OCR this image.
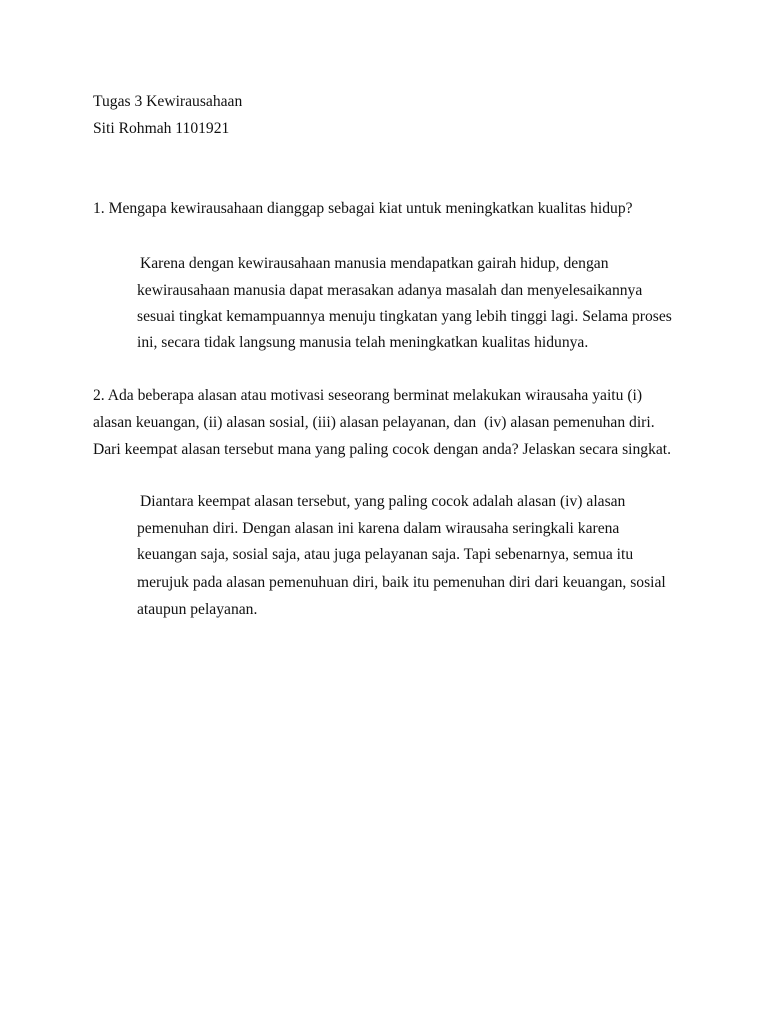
Tugas 3 Kewirausahaan
Siti Rohmah 1101921
1. Mengapa kewirausahaan dianggap sebagai kiat untuk meningkatkan kualitas hidup?
Karena dengan kewirausahaan manusia mendapatkan gairah hidup, dengan
kewirausahaan manusia dapat merasakan adanya masalah dan menyelesaikannya
sesuai tingkat kemampuannya menuju tingkatan yang lebih tinggi lagi. Selama proses
ini, secara tidak langsung manusia telah meningkatkan kualitas hidunya.
2. Ada beberapa alasan atau motivasi seseorang berminat melakukan wirausaha yaitu (i)
alasan keuangan, (ii) alasan sosial, (iii) alasan pelayanan, dan  (iv) alasan pemenuhan diri.
Dari keempat alasan tersebut mana yang paling cocok dengan anda? Jelaskan secara singkat.
Diantara keempat alasan tersebut, yang paling cocok adalah alasan (iv) alasan
pemenuhan diri. Dengan alasan ini karena dalam wirausaha seringkali karena
keuangan saja, sosial saja, atau juga pelayanan saja. Tapi sebenarnya, semua itu
merujuk pada alasan pemenuhuan diri, baik itu pemenuhan diri dari keuangan, sosial
ataupun pelayanan.
